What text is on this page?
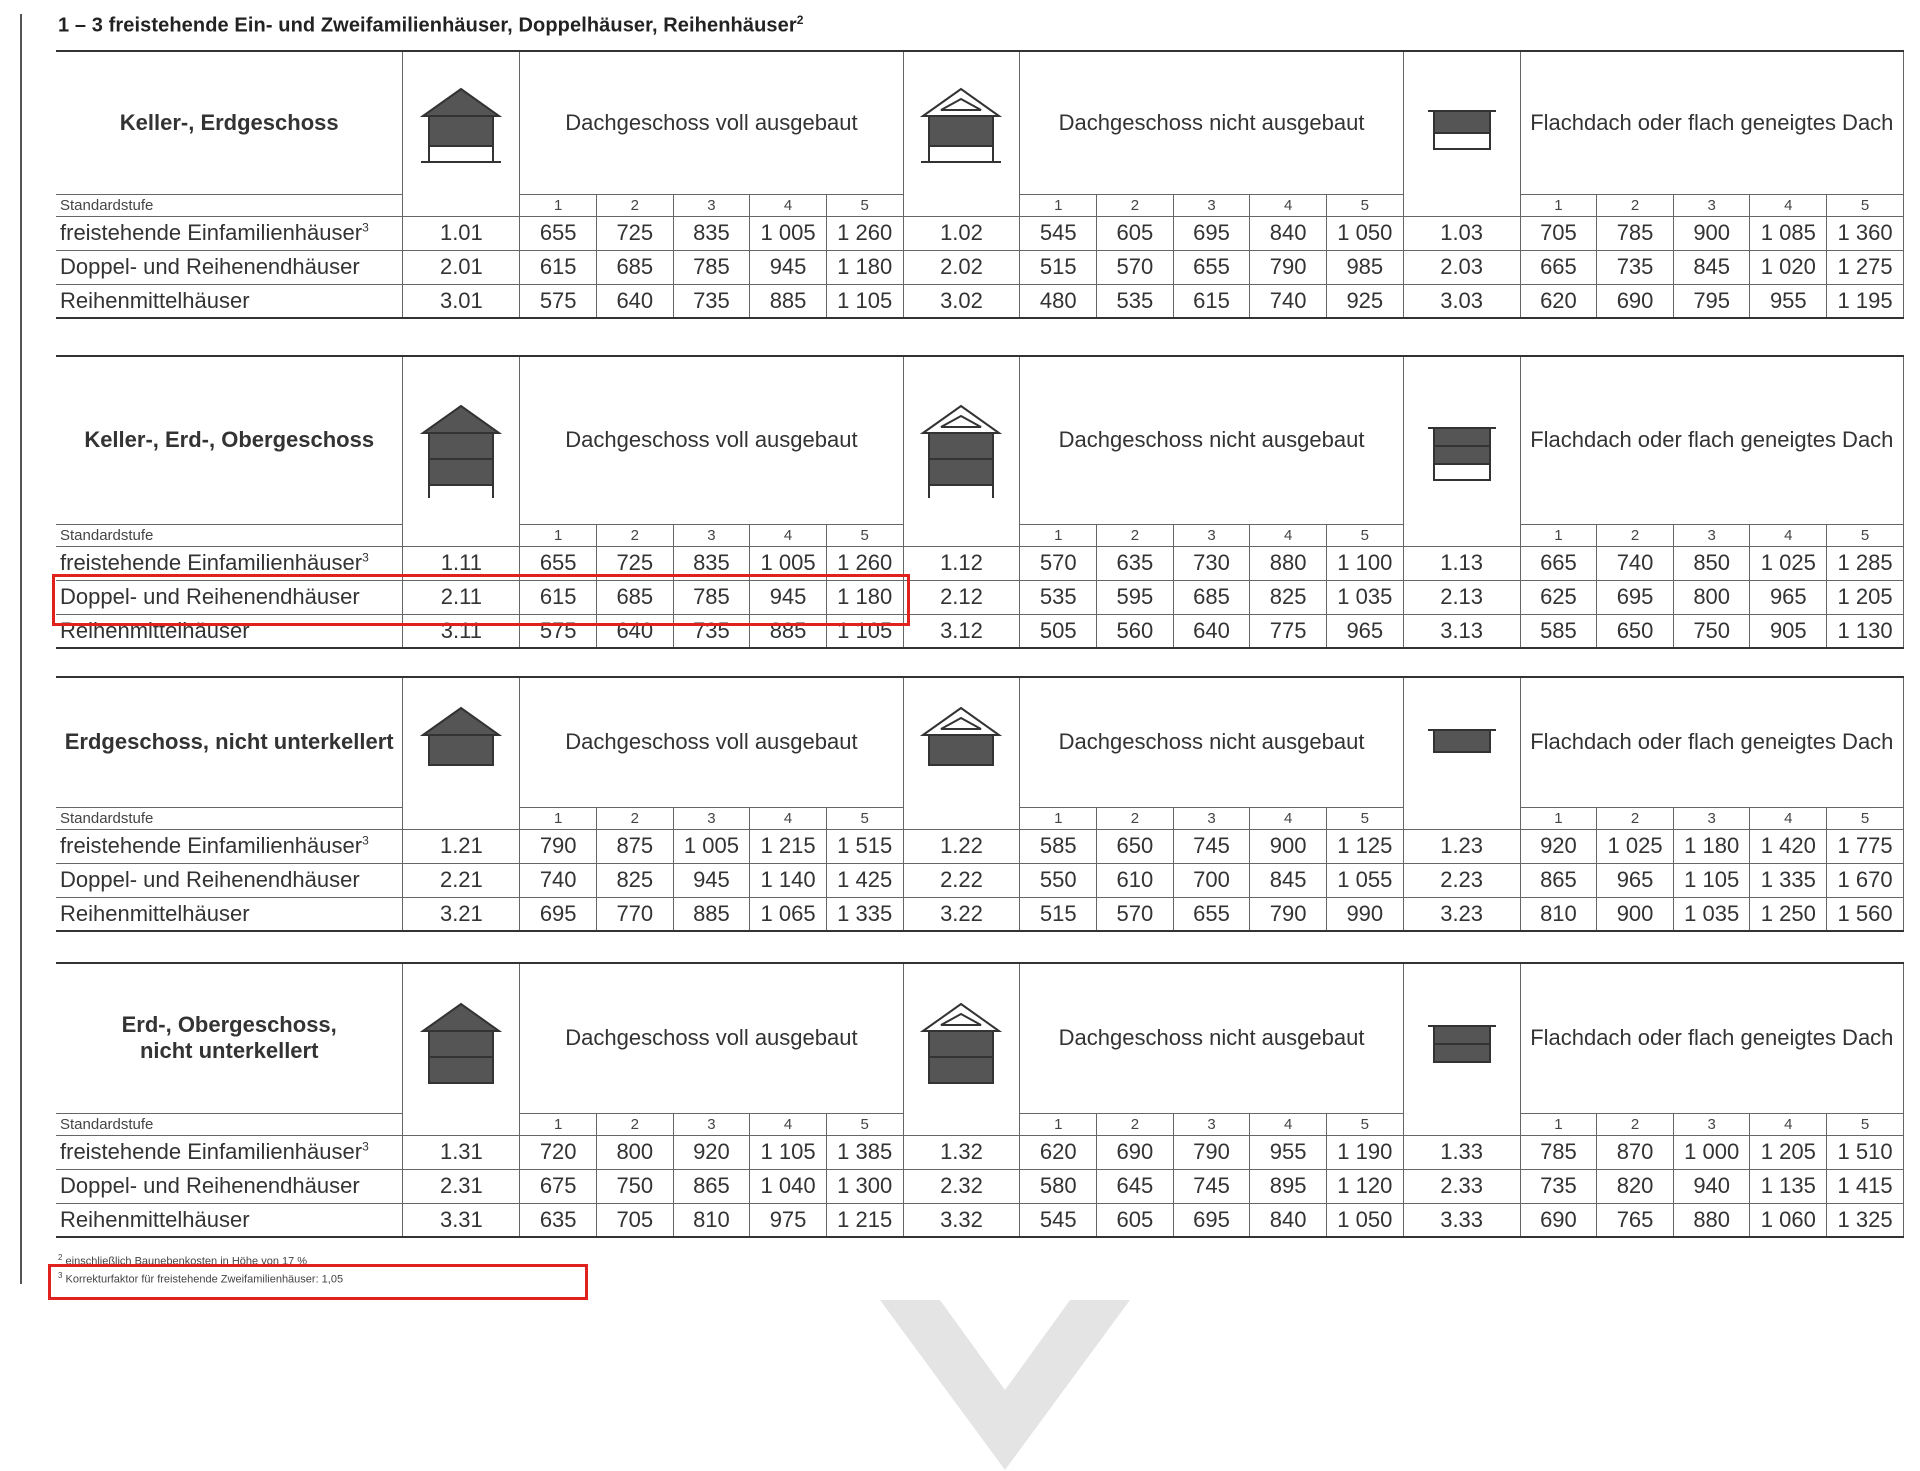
1 – 3 freistehende Ein- und Zweifamilienhäuser, Doppelhäuser, Reihenhäuser$^2$
Keller-, Erdgeschoss		Dachgeschoss voll ausgebaut						Dachgeschoss nicht ausgebaut						Flachdach oder flach geneigtes Dach				
Standardstufe		1	2	3	4	5		1	2	3	4	5		1	2	3	4	5
freistehende Einfamilienhäuser$^3$	1.01	655	725	835	1 005	1 260	1.02	545	605	695	840	1 050	1.03	705	785	900	1 085	1 360
Doppel- und Reihenendhäuser	2.01	615	685	785	945	1 180	2.02	515	570	655	790	985	2.03	665	735	845	1 020	1 275
Reihenmittelhäuser	3.01	575	640	735	885	1 105	3.02	480	535	615	740	925	3.03	620	690	795	955	1 195
Keller-, Erd-, Obergeschoss		Dachgeschoss voll ausgebaut						Dachgeschoss nicht ausgebaut						Flachdach oder flach geneigtes Dach				
Standardstufe		1	2	3	4	5		1	2	3	4	5		1	2	3	4	5
freistehende Einfamilienhäuser$^3$	1.11	655	725	835	1 005	1 260	1.12	570	635	730	880	1 100	1.13	665	740	850	1 025	1 285
Doppel- und Reihenendhäuser	2.11	615	685	785	945	1 180	2.12	535	595	685	825	1 035	2.13	625	695	800	965	1 205
Reihenmittelhäuser	3.11	575	640	735	885	1 105	3.12	505	560	640	775	965	3.13	585	650	750	905	1 130
Erdgeschoss, nicht unterkellert		Dachgeschoss voll ausgebaut						Dachgeschoss nicht ausgebaut						Flachdach oder flach geneigtes Dach				
Standardstufe		1	2	3	4	5		1	2	3	4	5		1	2	3	4	5
freistehende Einfamilienhäuser$^3$	1.21	790	875	1 005	1 215	1 515	1.22	585	650	745	900	1 125	1.23	920	1 025	1 180	1 420	1 775
Doppel- und Reihenendhäuser	2.21	740	825	945	1 140	1 425	2.22	550	610	700	845	1 055	2.23	865	965	1 105	1 335	1 670
Reihenmittelhäuser	3.21	695	770	885	1 065	1 335	3.22	515	570	655	790	990	3.23	810	900	1 035	1 250	1 560
Erd-, Obergeschoss,
nicht unterkellert		Dachgeschoss voll ausgebaut						Dachgeschoss nicht ausgebaut						Flachdach oder flach geneigtes Dach				
Standardstufe		1	2	3	4	5		1	2	3	4	5		1	2	3	4	5
freistehende Einfamilienhäuser$^3$	1.31	720	800	920	1 105	1 385	1.32	620	690	790	955	1 190	1.33	785	870	1 000	1 205	1 510
Doppel- und Reihenendhäuser	2.31	675	750	865	1 040	1 300	2.32	580	645	745	895	1 120	2.33	735	820	940	1 135	1 415
Reihenmittelhäuser	3.31	635	705	810	975	1 215	3.32	545	605	695	840	1 050	3.33	690	765	880	1 060	1 325
$^2$ einschließlich Baunebenkosten in Höhe von 17 %
$^3$ Korrekturfaktor für freistehende Zweifamilienhäuser: 1,05
